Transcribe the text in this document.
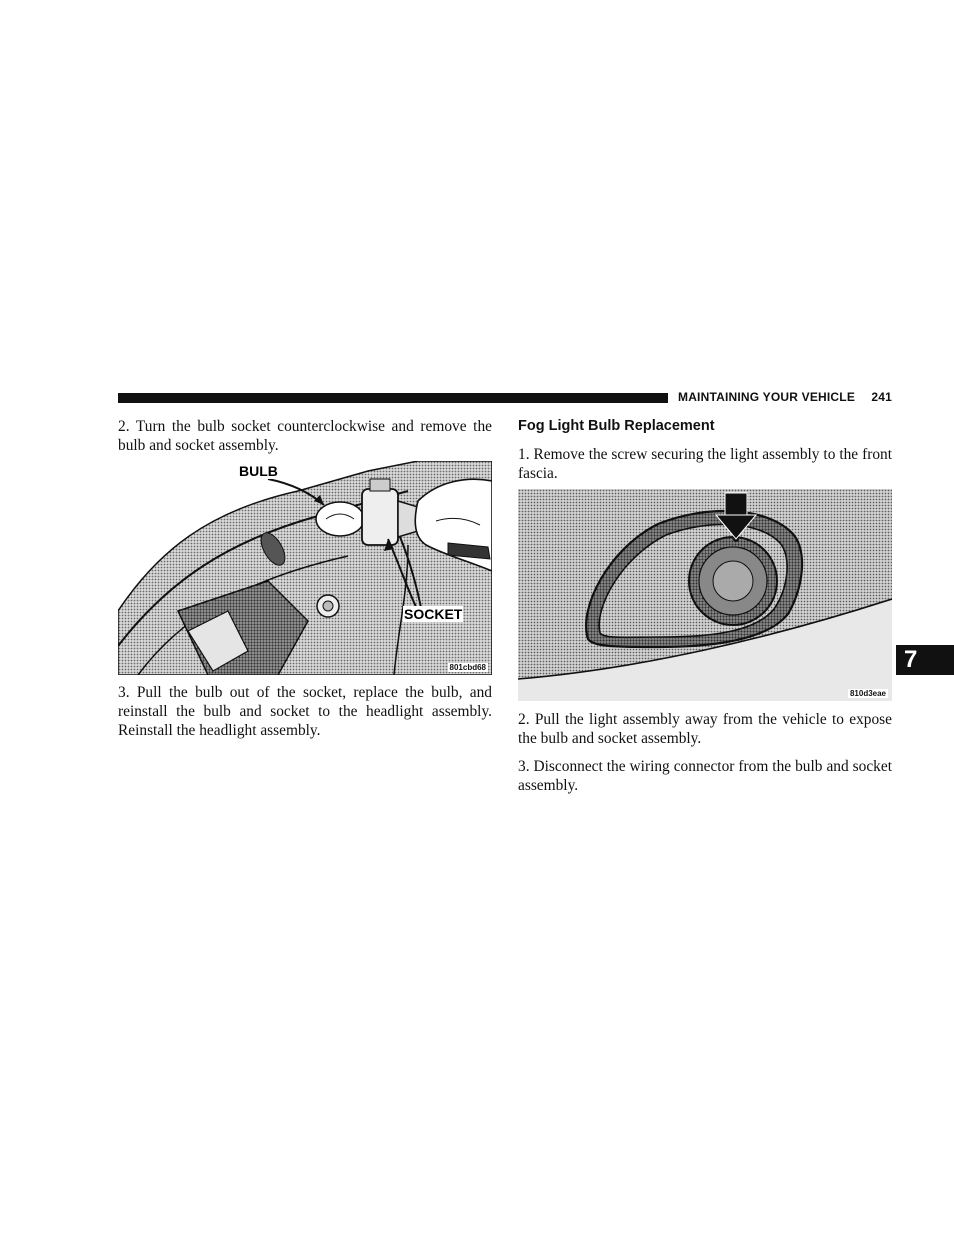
MAINTAINING YOUR VEHICLE 241
7

2. Turn the bulb socket counterclockwise and remove the bulb and socket assembly.

BULB
SOCKET
801cbd68

3. Pull the bulb out of the socket, replace the bulb, and reinstall the bulb and socket to the headlight assembly. Reinstall the headlight assembly.

Fog Light Bulb Replacement

1. Remove the screw securing the light assembly to the front fascia.

810d3eae

2. Pull the light assembly away from the vehicle to expose the bulb and socket assembly.

3. Disconnect the wiring connector from the bulb and socket assembly.
